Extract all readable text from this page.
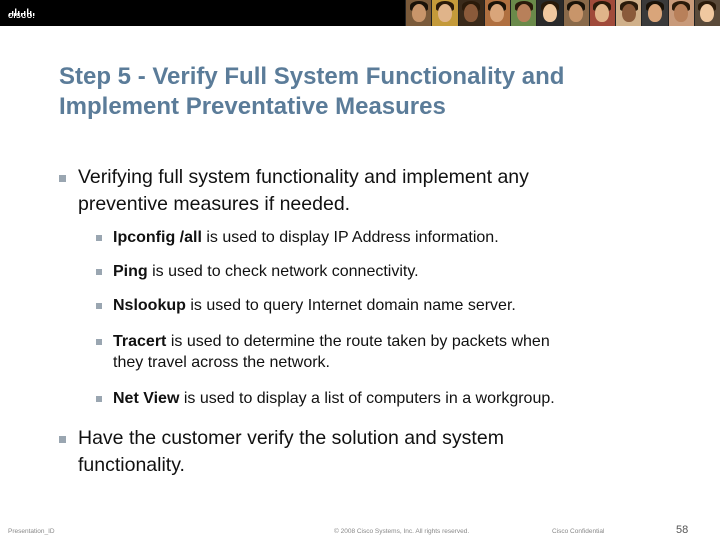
CISCO.
Step 5 - Verify Full System Functionality and
Implement Preventative Measures
Verifying full system functionality and implement any
preventive measures if needed.
Ipconfig /all is used to display IP Address information.
Ping is used to check network connectivity.
Nslookup is used to query Internet domain name server.
Tracert is used to determine the route taken by packets when
they travel across the network.
Net View is used to display a list of computers in a workgroup.
Have the customer verify the solution and system
functionality.
Presentation_ID	© 2008 Cisco Systems, Inc. All rights reserved.	Cisco Confidential	58
